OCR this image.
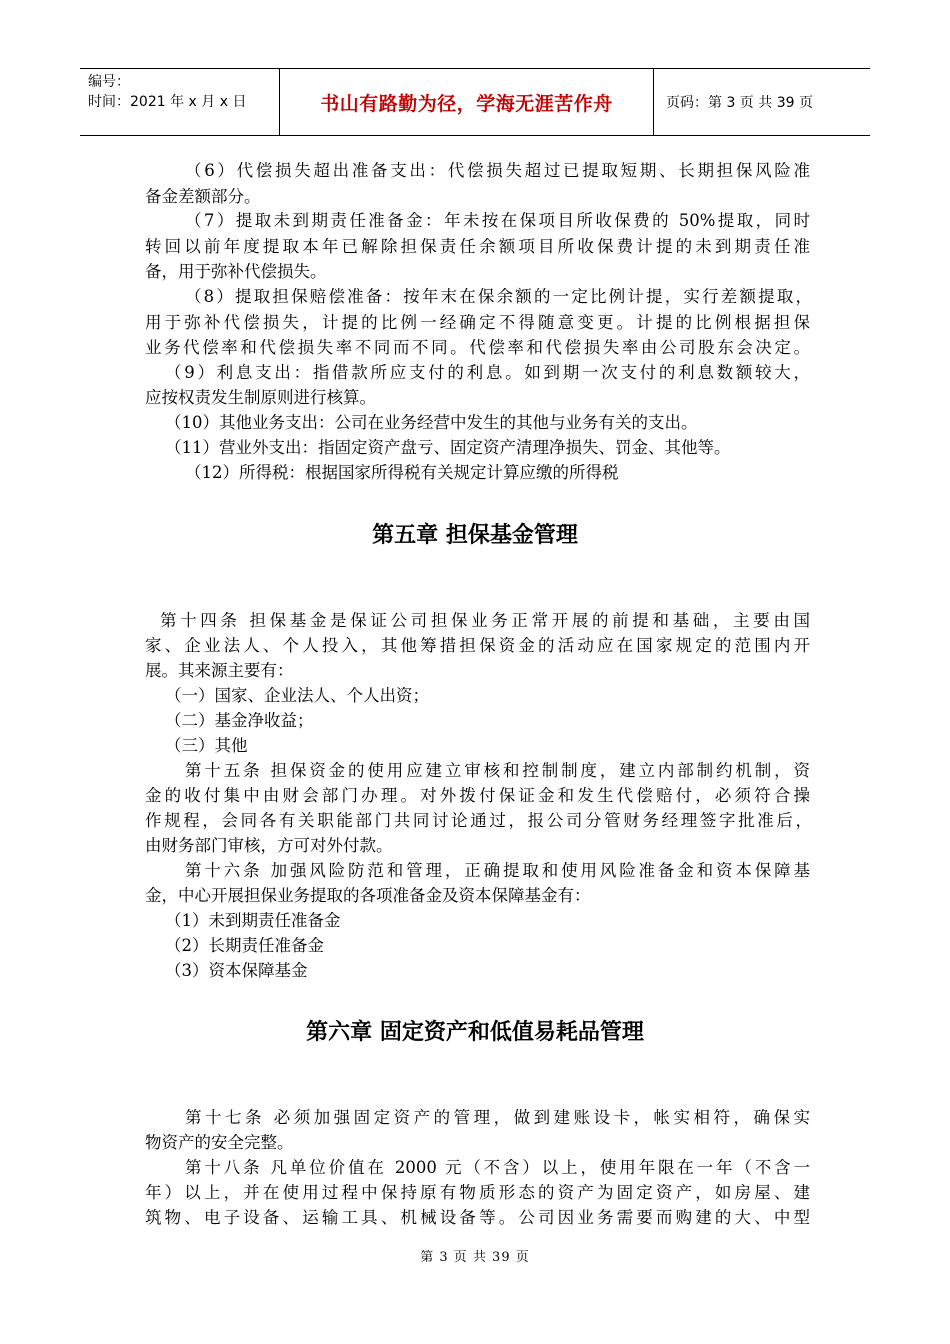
编号：
时间：2021 年 x 月 x 日	书山有路勤为径，学海无涯苦作舟	页码：第 3 页 共 39 页

（6）代偿损失超出准备支出：代偿损失超过已提取短期、长期担保风险准

备金差额部分。

（7）提取未到期责任准备金：年未按在保项目所收保费的 50%提取，同时

转回以前年度提取本年已解除担保责任余额项目所收保费计提的未到期责任准

备，用于弥补代偿损失。

（8）提取担保赔偿准备：按年末在保余额的一定比例计提，实行差额提取，

用于弥补代偿损失，计提的比例一经确定不得随意变更。计提的比例根据担保

业务代偿率和代偿损失率不同而不同。代偿率和代偿损失率由公司股东会决定。

（9）利息支出：指借款所应支付的利息。如到期一次支付的利息数额较大，

应按权责发生制原则进行核算。

（10）其他业务支出：公司在业务经营中发生的其他与业务有关的支出。

（11）营业外支出：指固定资产盘亏、固定资产清理净损失、罚金、其他等。

（12）所得税：根据国家所得税有关规定计算应缴的所得税

第五章 担保基金管理

第十四条 担保基金是保证公司担保业务正常开展的前提和基础，主要由国

家、企业法人、个人投入，其他筹措担保资金的活动应在国家规定的范围内开

展。其来源主要有：

（一）国家、企业法人、个人出资；

（二）基金净收益；

（三）其他

第十五条 担保资金的使用应建立审核和控制制度，建立内部制约机制，资

金的收付集中由财会部门办理。对外拨付保证金和发生代偿赔付，必须符合操

作规程，会同各有关职能部门共同讨论通过，报公司分管财务经理签字批准后，

由财务部门审核，方可对外付款。

第十六条 加强风险防范和管理，正确提取和使用风险准备金和资本保障基

金，中心开展担保业务提取的各项准备金及资本保障基金有：

（1）未到期责任准备金

（2）长期责任准备金

（3）资本保障基金

第六章 固定资产和低值易耗品管理

第十七条 必须加强固定资产的管理，做到建账设卡，帐实相符，确保实

物资产的安全完整。

第十八条 凡单位价值在 2000 元（不含）以上，使用年限在一年（不含一

年）以上，并在使用过程中保持原有物质形态的资产为固定资产，如房屋、建

筑物、电子设备、运输工具、机械设备等。公司因业务需要而购建的大、中型

第 3 页 共 39 页
